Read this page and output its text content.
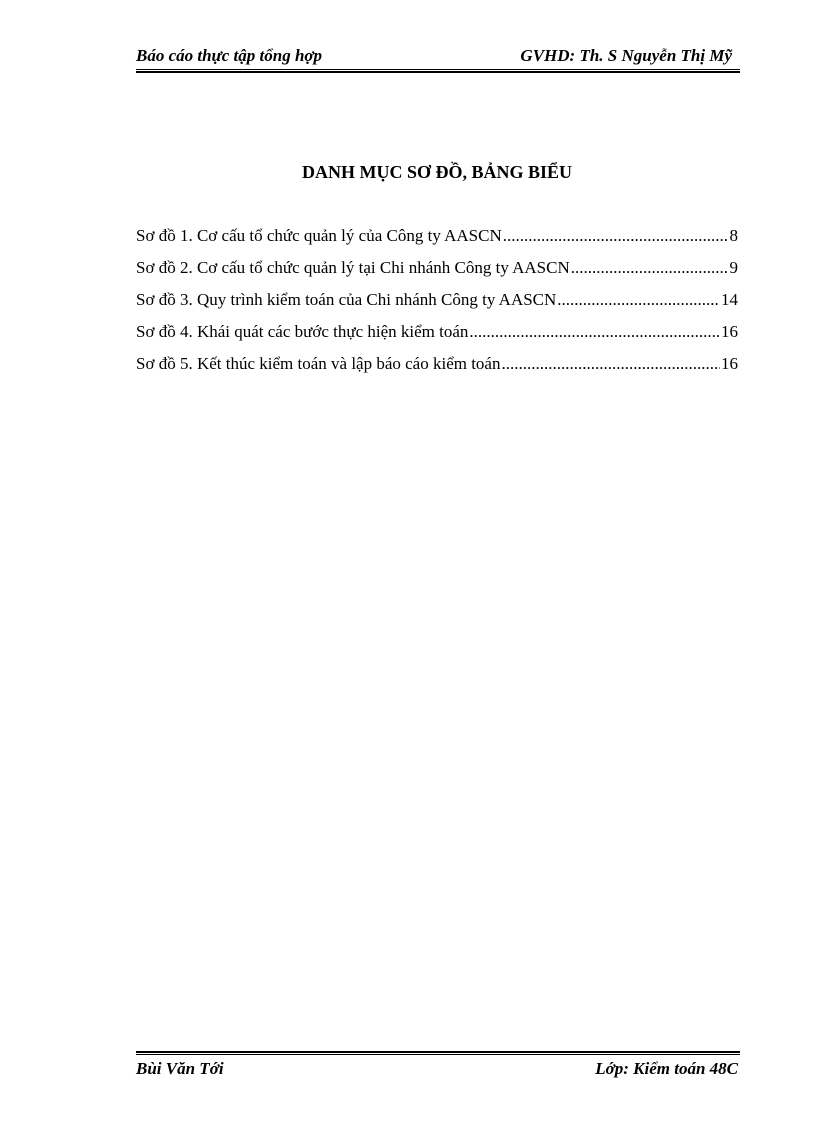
Báo cáo thực tập tổng hợp	GVHD: Th. S Nguyễn Thị Mỹ
DANH MỤC SƠ ĐỒ, BẢNG BIỂU
Sơ đồ 1. Cơ cấu tổ chức quản lý của Công ty AASCN .....	8
Sơ đồ 2. Cơ cấu tổ chức quản lý tại Chi nhánh Công ty AASCN .....	9
Sơ đồ 3. Quy trình kiểm toán của Chi nhánh Công ty AASCN .....	14
Sơ đồ 4. Khái quát các bước thực hiện kiểm toán .....	16
Sơ đồ 5. Kết thúc kiểm toán và lập báo cáo kiểm toán .....	16
Bùi Văn Tới	Lớp: Kiểm toán 48C
